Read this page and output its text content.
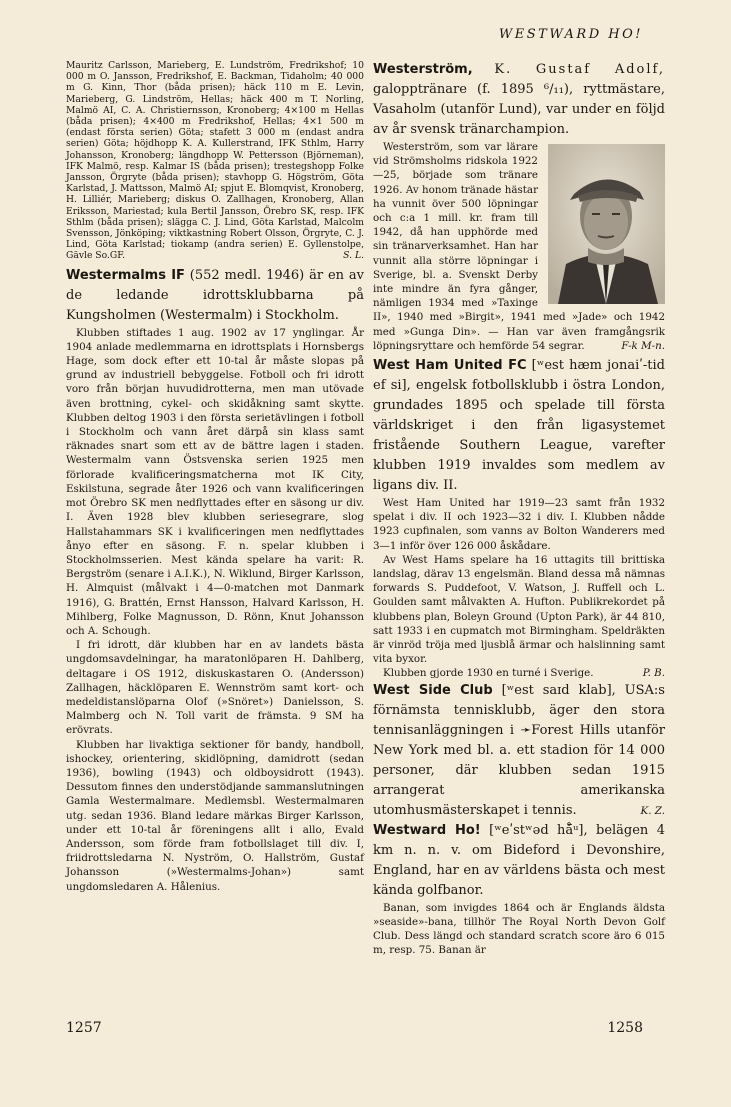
WESTWARD HO!

Mauritz Carlsson, Marieberg, E. Lundström, Fredrikshof; 10 000 m O. Jansson, Fredrikshof, E. Backman, Tidaholm; 40 000 m G. Kinn, Thor (båda prisen); häck 110 m E. Levin, Marieberg, G. Lindström, Hellas; häck 400 m T. Norling, Malmö AI, C. A. Christiernsson, Kronoberg; 4×100 m Hellas (båda prisen); 4×400 m Fredrikshof, Hellas; 4×1 500 m (endast första serien) Göta; stafett 3 000 m (endast andra serien) Göta; höjdhopp K. A. Kullerstrand, IFK Sthlm, Harry Johansson, Kronoberg; längdhopp W. Pettersson (Björneman), IFK Malmö, resp. Kalmar IS (båda prisen); trestegshopp Folke Jansson, Örgryte (båda prisen); stavhopp G. Högström, Göta Karlstad, J. Mattsson, Malmö AI; spjut E. Blomqvist, Kronoberg, H. Lilliér, Marieberg; diskus O. Zallhagen, Kronoberg, Allan Eriksson, Mariestad; kula Bertil Jansson, Örebro SK, resp. IFK Sthlm (båda prisen); slägga C. J. Lind, Göta Karlstad, Malcolm Svensson, Jönköping; viktkastning Robert Olsson, Örgryte, C. J. Lind, Göta Karlstad; tiokamp (andra serien) E. Gyllenstolpe, Gävle So.GF.	S. L.

Westermalms IF (552 medl. 1946) är en av de ledande idrottsklubbarna på Kungsholmen (Westermalm) i Stockholm.

Klubben stiftades 1 aug. 1902 av 17 ynglingar. År 1904 anlade medlemmarna en idrottsplats i Hornsbergs Hage, som dock efter ett 10-tal år måste slopas på grund av industriell bebyggelse. Fotboll och fri idrott voro från början huvudidrotterna, men man utövade även brottning, cykel- och skidåkning samt skytte. Klubben deltog 1903 i den första serietävlingen i fotboll i Stockholm och vann året därpå sin klass samt räknades snart som ett av de bättre lagen i staden. Westermalm vann Östsvenska serien 1925 men förlorade kvalificeringsmatcherna mot IK City, Eskilstuna, segrade åter 1926 och vann kvalificeringen mot Örebro SK men nedflyttades efter en säsong ur div. I. Även 1928 blev klubben seriesegrare, slog Hallstahammars SK i kvalificeringen men nedflyttades ånyo efter en säsong. F. n. spelar klubben i Stockholmsserien. Mest kända spelare ha varit: R. Bergström (senare i A.I.K.), N. Wiklund, Birger Karlsson, H. Almquist (målvakt i 4—0-matchen mot Danmark 1916), G. Brattén, Ernst Hansson, Halvard Karlsson, H. Mihlberg, Folke Magnusson, D. Rönn, Knut Johansson och A. Schough.

I fri idrott, där klubben har en av landets bästa ungdomsavdelningar, ha maratonlöparen H. Dahlberg, deltagare i OS 1912, diskuskastaren O. (Andersson) Zallhagen, häcklöparen E. Wennström samt kort- och medeldistanslöparna Olof (»Snöret») Danielsson, S. Malmberg och N. Toll varit de främsta. 9 SM ha erövrats.

Klubben har livaktiga sektioner för bandy, handboll, ishockey, orientering, skidlöpning, damidrott (sedan 1936), bowling (1943) och oldboysidrott (1943). Dessutom finnes den understödjande sammanslutningen Gamla Westermalmare. Medlemsbl. Westermalmaren utg. sedan 1936. Bland ledare märkas Birger Karlsson, under ett 10-tal år föreningens allt i allo, Evald Andersson, som förde fram fotbollslaget till div. I, friidrottsledarna N. Nyström, O. Hallström, Gustaf Johansson (»Westermalms-Johan») samt ungdomsledaren A. Hålenius.

Westerström, K. Gustaf Adolf, galopptränare (f. 1895 ⁶/₁₁), ryttmästare, Vasaholm (utanför Lund), var under en följd av år svensk tränarchampion.

Westerström, som var lärare vid Strömsholms ridskola 1922—25, började som tränare 1926. Av honom tränade hästar ha vunnit över 500 löpningar och c:a 1 mill. kr. fram till 1942, då han upphörde med sin tränarverksamhet. Han har vunnit alla större löpningar i Sverige, bl. a. Svenskt Derby inte mindre än fyra gånger, nämligen 1934 med »Taxinge II», 1940 med »Birgit», 1941 med »Jade» och 1942 med »Gunga Din». — Han var även framgångsrik löpningsryttare och hemförde 54 segrar.	F-k M-n.

West Ham United FC [ʷest hæm jonaiʹ-tid ef si], engelsk fotbollsklubb i östra London, grundades 1895 och spelade till första världskriget i den från ligasystemet fristående Southern League, varefter klubben 1919 invaldes som medlem av ligans div. II.

West Ham United har 1919—23 samt från 1932 spelat i div. II och 1923—32 i div. I. Klubben nådde 1923 cupfinalen, som vanns av Bolton Wanderers med 3—1 inför över 126 000 åskådare.

Av West Hams spelare ha 16 uttagits till brittiska landslag, därav 13 engelsmän. Bland dessa må nämnas forwards S. Puddefoot, V. Watson, J. Ruffell och L. Goulden samt målvakten A. Hufton. Publikrekordet på klubbens plan, Boleyn Ground (Upton Park), är 44 810, satt 1933 i en cupmatch mot Birmingham. Speldräkten är vinröd tröja med ljusblå ärmar och halslinning samt vita byxor.

Klubben gjorde 1930 en turné i Sverige.	P. B.

West Side Club [ʷest saɪd klab], USA:s förnämsta tennisklubb, äger den stora tennisanläggningen i ➛Forest Hills utanför New York med bl. a. ett stadion för 14 000 personer, där klubben sedan 1915 arrangerat amerikanska utomhusmästerskapet i tennis.	K. Z.

Westward Ho! [ʷeʹstʷəd hå̄ᵘ], belägen 4 km n. n. v. om Bideford i Devonshire, England, har en av världens bästa och mest kända golfbanor.

Banan, som invigdes 1864 och är Englands äldsta »seaside»-bana, tillhör The Royal North Devon Golf Club. Dess längd och standard scratch score äro 6 015 m, resp. 75. Banan är

1257	1258
